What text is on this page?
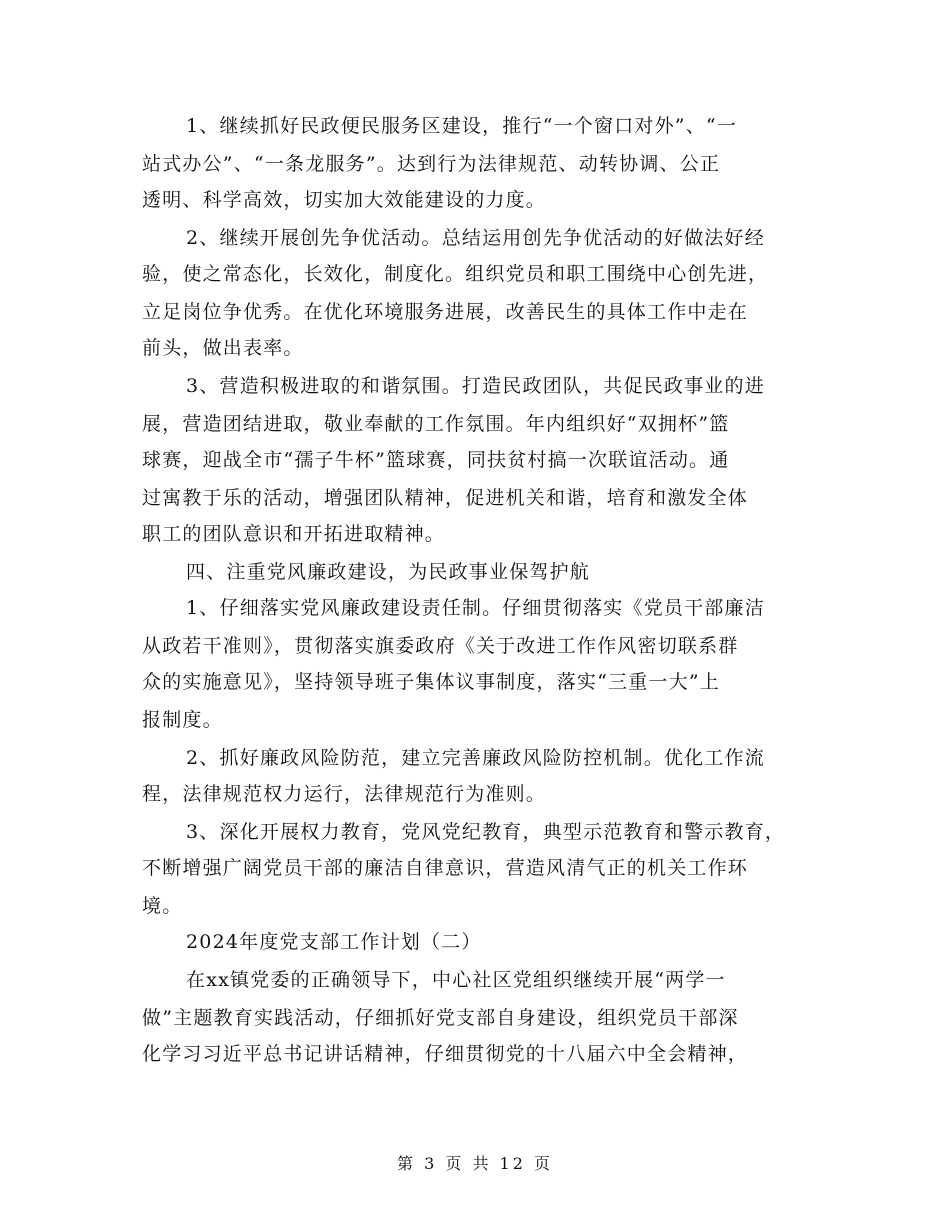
1、继续抓好民政便民服务区建设，推行“一个窗口对外”、“一
站式办公”、“一条龙服务”。达到行为法律规范、动转协调、公正
透明、科学高效，切实加大效能建设的力度。
2、继续开展创先争优活动。总结运用创先争优活动的好做法好经
验，使之常态化，长效化，制度化。组织党员和职工围绕中心创先进，
立足岗位争优秀。在优化环境服务进展，改善民生的具体工作中走在
前头，做出表率。
3、营造积极进取的和谐氛围。打造民政团队，共促民政事业的进
展，营造团结进取，敬业奉献的工作氛围。年内组织好“双拥杯”篮
球赛，迎战全市“孺子牛杯”篮球赛，同扶贫村搞一次联谊活动。通
过寓教于乐的活动，增强团队精神，促进机关和谐，培育和激发全体
职工的团队意识和开拓进取精神。
四、注重党风廉政建设，为民政事业保驾护航
1、仔细落实党风廉政建设责任制。仔细贯彻落实《党员干部廉洁
从政若干准则》，贯彻落实旗委政府《关于改进工作作风密切联系群
众的实施意见》，坚持领导班子集体议事制度，落实“三重一大”上
报制度。
2、抓好廉政风险防范，建立完善廉政风险防控机制。优化工作流
程，法律规范权力运行，法律规范行为准则。
3、深化开展权力教育，党风党纪教育，典型示范教育和警示教育，
不断增强广阔党员干部的廉洁自律意识，营造风清气正的机关工作环
境。
2024年度党支部工作计划（二）
在xx镇党委的正确领导下，中心社区党组织继续开展“两学一
做”主题教育实践活动，仔细抓好党支部自身建设，组织党员干部深
化学习习近平总书记讲话精神，仔细贯彻党的十八届六中全会精神，
第 3 页 共 12 页
